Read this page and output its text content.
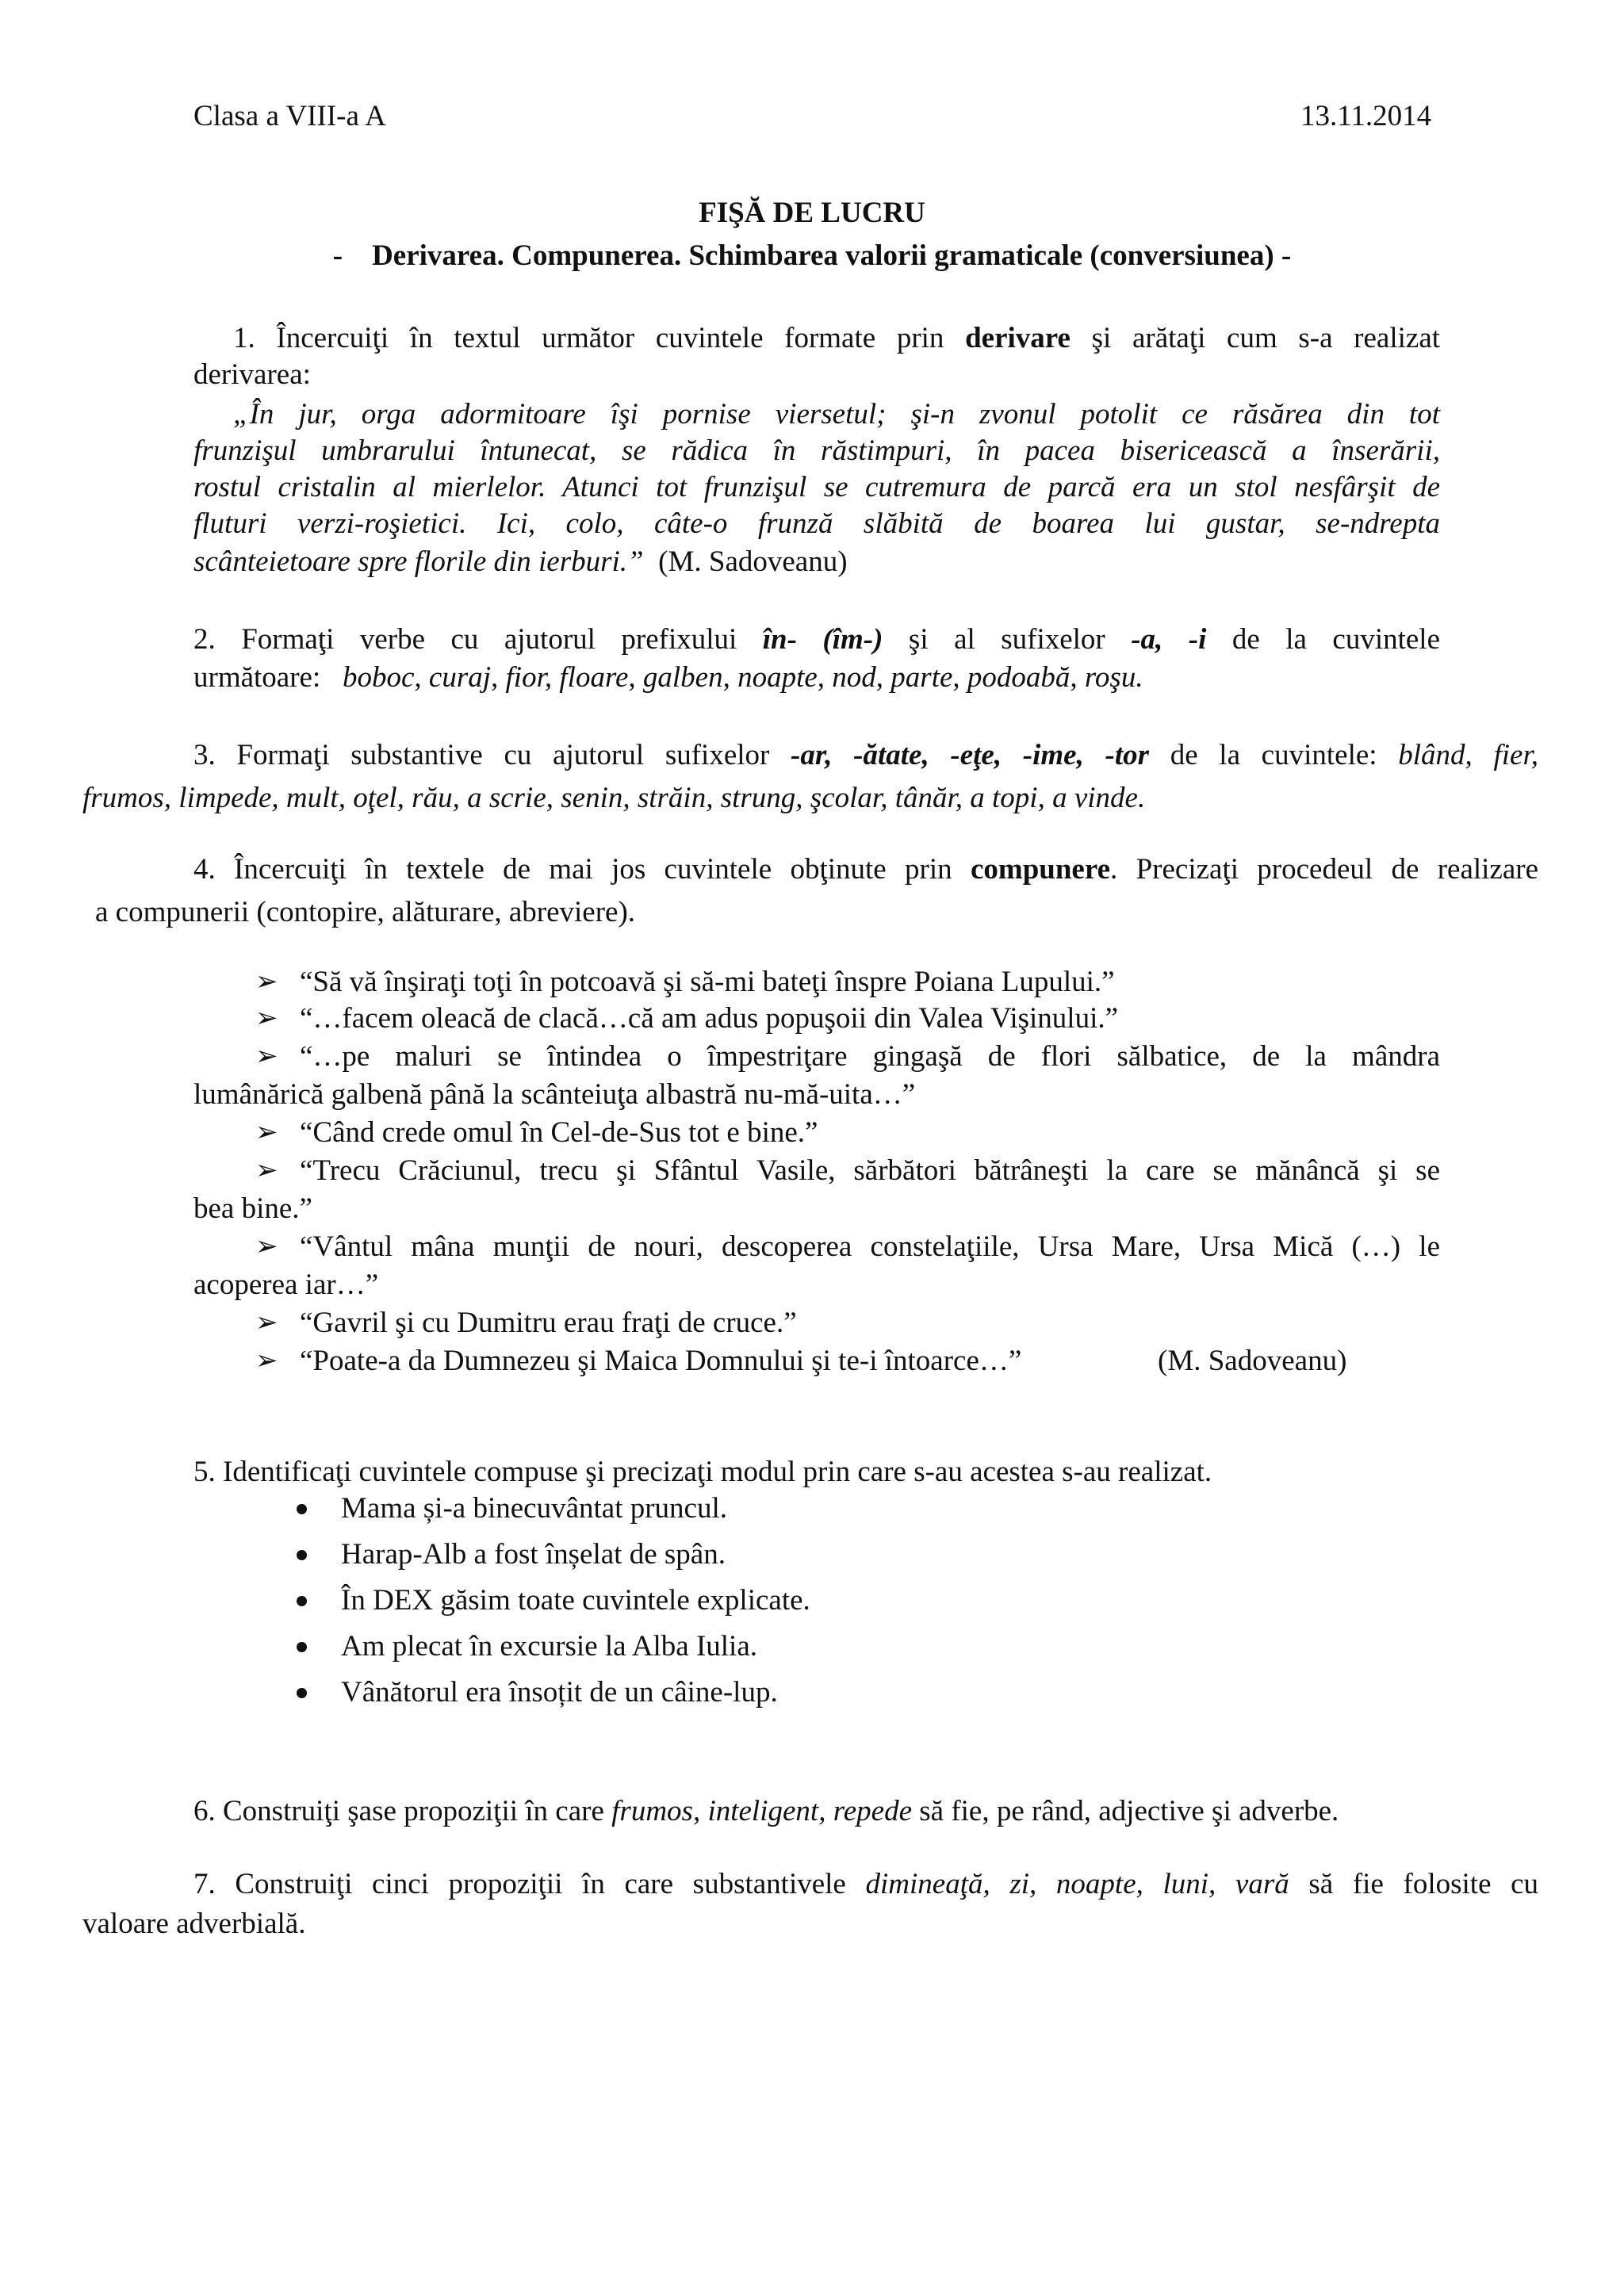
Clasa a VIII-a A	13.11.2014
FIŞĂ DE LUCRU
-    Derivarea. Compunerea. Schimbarea valorii gramaticale (conversiunea) -
1. Încercuiţi în textul următor cuvintele formate prin derivare şi arătaţi cum s-a realizat
derivarea:
„În jur, orga adormitoare îşi pornise viersetul; şi-n zvonul potolit ce răsărea din tot
frunzişul umbrarului întunecat, se rădica în răstimpuri, în pacea bisericească a înserării,
rostul cristalin al mierlelor. Atunci tot frunzişul se cutremura de parcă era un stol nesfârşit de
fluturi verzi-roşietici. Ici, colo, câte-o frunză slăbită de boarea lui gustar, se-ndrepta
scânteietoare spre florile din ierburi.” (M. Sadoveanu)
2. Formaţi verbe cu ajutorul prefixului în- (îm-) şi al sufixelor -a, -i de la cuvintele
următoare: boboc, curaj, fior, floare, galben, noapte, nod, parte, podoabă, roşu.
3. Formaţi substantive cu ajutorul sufixelor -ar, -ătate, -eţe, -ime, -tor de la cuvintele: blând, fier,
frumos, limpede, mult, oţel, rău, a scrie, senin, străin, strung, şcolar, tânăr, a topi, a vinde.
4. Încercuiţi în textele de mai jos cuvintele obţinute prin compunere. Precizaţi procedeul de realizare
a compunerii (contopire, alăturare, abreviere).
➢ “Să vă înşiraţi toţi în potcoavă şi să-mi bateţi înspre Poiana Lupului.”
➢ “…facem oleacă de clacă…că am adus popuşoii din Valea Vişinului.”
➢ “…pe maluri se întindea o împestriţare gingaşă de flori sălbatice, de la mândra
lumânărică galbenă până la scânteiuţa albastră nu-mă-uita…”
➢ “Când crede omul în Cel-de-Sus tot e bine.”
➢ “Trecu Crăciunul, trecu şi Sfântul Vasile, sărbători bătrâneşti la care se mănâncă şi se
bea bine.”
➢ “Vântul mâna munţii de nouri, descoperea constelaţiile, Ursa Mare, Ursa Mică (…) le
acoperea iar…”
➢ “Gavril şi cu Dumitru erau fraţi de cruce.”
➢ “Poate-a da Dumnezeu şi Maica Domnului şi te-i întoarce…”	(M. Sadoveanu)
5. Identificaţi cuvintele compuse şi precizaţi modul prin care s-au acestea s-au realizat.
Mama și-a binecuvântat pruncul.
Harap-Alb a fost înșelat de spân.
În DEX găsim toate cuvintele explicate.
Am plecat în excursie la Alba Iulia.
Vânătorul era însoțit de un câine-lup.
6. Construiţi şase propoziţii în care frumos, inteligent, repede să fie, pe rând, adjective şi adverbe.
7. Construiţi cinci propoziţii în care substantivele dimineaţă, zi, noapte, luni, vară să fie folosite cu
valoare adverbială.
